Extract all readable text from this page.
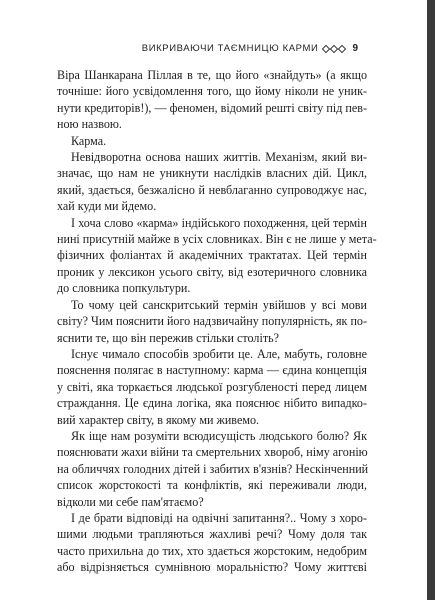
ВИКРИВАЮЧИ ТАЄМНИЦЮ КАРМИ	9
Віра Шанкарана Піллая в те, що його «знайдуть» (а якщо
точніше: його усвідомлення того, що йому ніколи не уник-
нути кредиторів!), — феномен, відомий решті світу під пев-
ною назвою.
Карма.
Невідворотна основа наших життів. Механізм, який ви-
значає, що нам не уникнути наслідків власних дій. Цикл,
який, здається, безжалісно й невблаганно супроводжує нас,
хай куди ми йдемо.
І хоча слово «карма» індійського походження, цей термін
нині присутній майже в усіх словниках. Він є не лише у мета-
фізичних фоліантах й академічних трактатах. Цей термін
проник у лексикон усього світу, від езотеричного словника
до словника попкультури.
То чому цей санскритський термін увійшов у всі мови
світу? Чим пояснити його надзвичайну популярність, як по-
яснити те, що він пережив стільки століть?
Існує чимало способів зробити це. Але, мабуть, головне
пояснення полягає в наступному: карма — єдина концепція
у світі, яка торкається людської розгубленості перед лицем
страждання. Це єдина логіка, яка пояснює нібито випадко-
вий характер світу, в якому ми живемо.
Як іще нам розуміти всюдисущість людського болю? Як
пояснювати жахи війни та смертельних хвороб, німу агонію
на обличчях голодних дітей і забитих в'язнів? Нескінченний
список жорстокості та конфліктів, які переживали люди,
відколи ми себе пам'ятаємо?
І де брати відповіді на одвічні запитання?.. Чому з хоро-
шими людьми трапляються жахливі речі? Чому доля так
часто прихильна до тих, хто здається жорстоким, недобрим
або відрізняється сумнівною моральністю? Чому життєві
